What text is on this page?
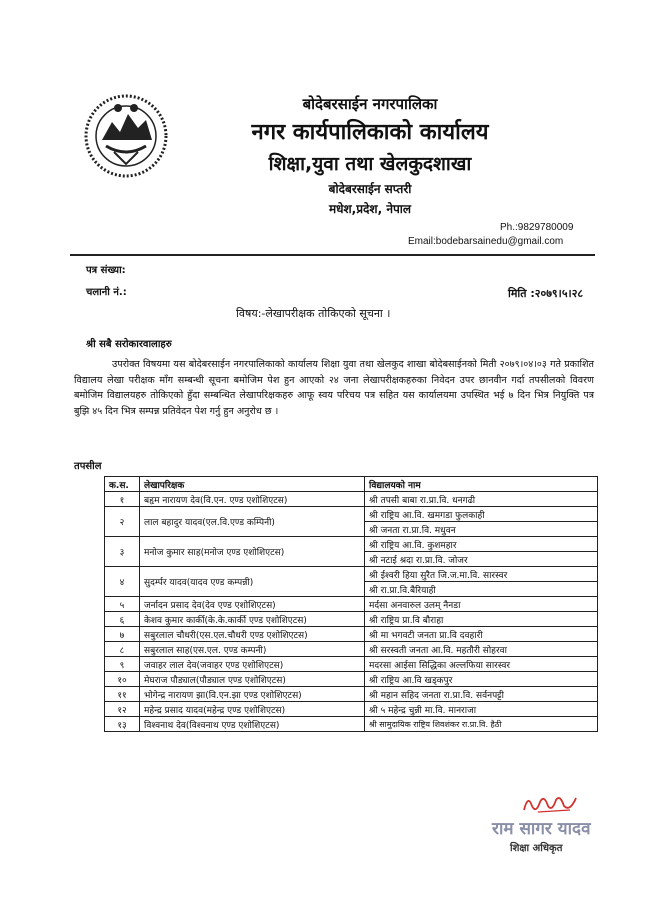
बोदेबरसाईन नगरपालिका
नगर कार्यपालिकाको कार्यालय
शिक्षा,युवा तथा खेलकुदशाखा
बोदेबरसाईन सप्तरी
मधेश,प्रदेश, नेपाल
Ph.:9829780009
Email:bodebarsainedu@gmail.com
पत्र संख्या:
चलानी नं.:	मिति :२०७९।५।२८
विषय:-लेखापरीक्षक तोकिएको सूचना ।
श्री सबै सरोकारवालाहरु
उपरोक्त विषयमा यस बोदेबरसाईन नगरपालिकाको कार्यालय शिक्षा युवा तथा खेलकुद शाखा बोदेबसाईनको मिती २०७९।०४।०३ गते प्रकाशित विद्यालय लेखा परीक्षक माँग सम्बन्धी सूचना बमोजिम पेश हुन आएको २४ जना लेखापरीक्षकहरुका निवेदन उपर छानवीन गर्दा तपसीलको विवरण बमोजिम विद्यालयहरु तोकिएको हुँदा सम्बन्धित लेखापरिक्षकहरु आफू स्वय परिचय पत्र सहित यस कार्यालयमा उपस्थित भई ७ दिन भित्र नियुक्ति पत्र बुझि ४५ दिन भित्र सम्पन्न प्रतिवेदन पेश गर्नु हुन अनुरोध छ ।
तपसील
क.स.	लेखापरिक्षक	विद्यालयको नाम
१	बहृम नारायण देव(वि.एन. एण्ड एशोशिएटस)	श्री तपसी बाबा रा.प्रा.वि. धनगढी
२	लाल बहादुर यादव(एल.वि.एण्ड कम्पिनी)	श्री राष्ट्रिय आ.वि. खमगडा फुलकाही
		श्री जनता रा.प्रा.वि. मधुवन
३	मनोज कुमार साह(मनोज एण्ड एशोशिएटस)	श्री राष्ट्रिय आ.वि. कुशमहार
		श्री नटाई श्रदा रा.प्रा.वि. जोजर
४	सुदर्म्पर यादव(यादव एण्ड कम्पन्नी)	श्री ईश्वरी हिया सुरैत जि.ज.मा.वि. सारस्वर
		श्री रा.प्रा.वि.बैरियाही
५	जर्नादन प्रसाद देव(देव एण्ड एशोशिएटस)	मर्दसा अनवारुल उलम् नैनडा
६	केशव कुमार कार्की(के.के.कार्की एण्ड एशोशिएटस)	श्री राष्ट्रिय प्रा.वि बौराहा
७	सबुरलाल चौधरी(एस.एल.चौधरी एण्ड एशोशिएटस)	श्री मा भगवटी जनता प्रा.वि दवहारी
८	सबुरलाल साह(एस.एल. एण्ड कम्पनी)	श्री सरस्वती जनता आ.वि. महतौरी सोहरवा
९	जवाहर लाल देव(जवाहर एण्ड एशोशिएटस)	मदरसा आईसा सिद्धिका अल्लफिया सारस्वर
१०	मेघराज पौड्याल(पौड्याल एण्ड एशोशिएटस)	श्री राष्ट्रिय आ.वि खड्कपुर
११	भोगेन्द्र नारायण झा(वि.एन.झा एण्ड एशोशिएटस)	श्री महान सहिद जनता रा.प्रा.वि. सर्वनपट्टी
१२	महेन्द्र प्रसाद यादव(महेन्द्र एण्ड एशोशिएटस)	श्री ५ महेन्द्र चुन्नी मा.वि. मानराजा
१३	विश्वनाथ देव(विश्वनाथ एण्ड एशोशिएटस)	श्री सामुदायिक राष्ट्रिय शिवशंकर रा.प्रा.वि. हैठी
राम सागर यादव
शिक्षा अधिकृत
